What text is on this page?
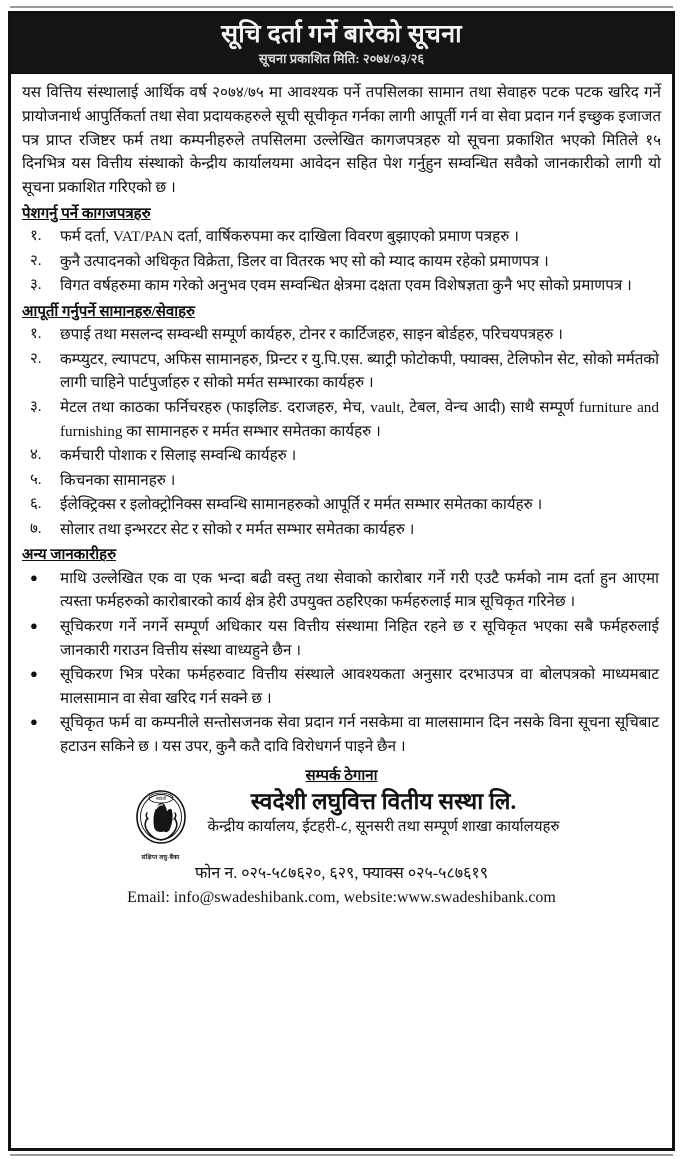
सूचि दर्ता गर्ने बारेको सूचना
सूचना प्रकाशित मिति: २०७४/०३/२६

यस वित्तिय संस्थालाई आर्थिक वर्ष २०७४/७५ मा आवश्यक पर्ने तपसिलका सामान तथा सेवाहरु पटक पटक खरिद गर्ने प्रायोजनार्थ आपुर्तिकर्ता तथा सेवा प्रदायकहरुले सूची सूचीकृत गर्नका लागी आपूर्ती गर्न वा सेवा प्रदान गर्न इच्छुक इजाजत पत्र प्राप्त रजिष्टर फर्म तथा कम्पनीहरुले तपसिलमा उल्लेखित कागजपत्रहरु यो सूचना प्रकाशित भएको मितिले १५ दिनभित्र यस वित्तीय संस्थाको केन्द्रीय कार्यालयमा आवेदन सहित पेश गर्नुहुन सम्वन्धित सवैको जानकारीको लागी यो सूचना प्रकाशित गरिएको छ ।

पेशगर्नु पर्ने कागजपत्रहरु
१.	फर्म दर्ता, VAT/PAN दर्ता, वार्षिकरुपमा कर दाखिला विवरण बुझाएको प्रमाण पत्रहरु ।
२.	कुनै उत्पादनको अधिकृत विक्रेता, डिलर वा वितरक भए सो को म्याद कायम रहेको प्रमाणपत्र ।
३.	विगत वर्षहरुमा काम गरेको अनुभव एवम सम्वन्धित क्षेत्रमा दक्षता एवम विशेषज्ञता कुनै भए सोको प्रमाणपत्र ।
आपूर्ती गर्नुपर्ने सामानहरु/सेवाहरु
१.	छपाई तथा मसलन्द सम्वन्धी सम्पूर्ण कार्यहरु, टोनर र कार्टिजहरु, साइन बोर्डहरु, परिचयपत्रहरु ।
२.	कम्प्युटर, ल्यापटप, अफिस सामानहरु, प्रिन्टर र यु.पि.एस. ब्याट्री फोटोकपी, फ्याक्स, टेलिफोन सेट, सोको मर्मतको लागी चाहिने पार्टपुर्जाहरु र सोको मर्मत सम्भारका कार्यहरु ।
३.	मेटल तथा काठका फर्निचरहरु (फाइलिङ. दराजहरु, मेच, vault, टेबल, वेन्च आदी) साथै सम्पूर्ण furniture and furnishing का सामानहरु र मर्मत सम्भार समेतका कार्यहरु ।
४.	कर्मचारी पोशाक र सिलाइ सम्वन्धि कार्यहरु ।
५.	किचनका सामानहरु ।
६.	ईलेक्ट्रिक्स र इलोक्ट्रोनिक्स सम्वन्धि सामानहरुको आपूर्ति र मर्मत सम्भार समेतका कार्यहरु ।
७.	सोलार तथा इन्भरटर सेट र सोको र मर्मत सम्भार समेतका कार्यहरु ।
अन्य जानकारीहरु
●	माथि उल्लेखित एक वा एक भन्दा बढी वस्तु तथा सेवाको कारोबार गर्ने गरी एउटै फर्मको नाम दर्ता हुन आएमा त्यस्ता फर्महरुको कारोबारको कार्य क्षेत्र हेरी उपयुक्त ठहरिएका फर्महरुलाई मात्र सूचिकृत गरिनेछ ।
●	सूचिकरण गर्ने नगर्ने सम्पूर्ण अधिकार यस वित्तीय संस्थामा निहित रहने छ र सूचिकृत भएका सबै फर्महरुलाई जानकारी गराउन वित्तीय संस्था वाध्यहुने छैन ।
●	सूचिकरण भित्र परेका फर्महरुवाट वित्तीय संस्थाले आवश्यकता अनुसार दरभाउपत्र वा बोलपत्रको माध्यमबाट मालसामान वा सेवा खरिद गर्न सक्ने छ ।
●	सूचिकृत फर्म वा कम्पनीले सन्तोसजनक सेवा प्रदान गर्न नसकेमा वा मालसामान दिन नसके विना सूचना सूचिबाट हटाउन सकिने छ । यस उपर, कुनै कतै दावि विरोधगर्न पाइने छैन ।
सम्पर्क ठेगाना
स्वदेशी
संक्षिप्त लघु-बैंका
स्वदेशी लघुवित्त वितीय सस्था लि.
केन्द्रीय कार्यालय, ईटहरी-८, सूनसरी तथा सम्पूर्ण शाखा कार्यालयहरु
फोन न. ०२५-५८७६२०, ६२९, फ्याक्स ०२५-५८७६१९
Email: info@swadeshibank.com, website:www.swadeshibank.com
